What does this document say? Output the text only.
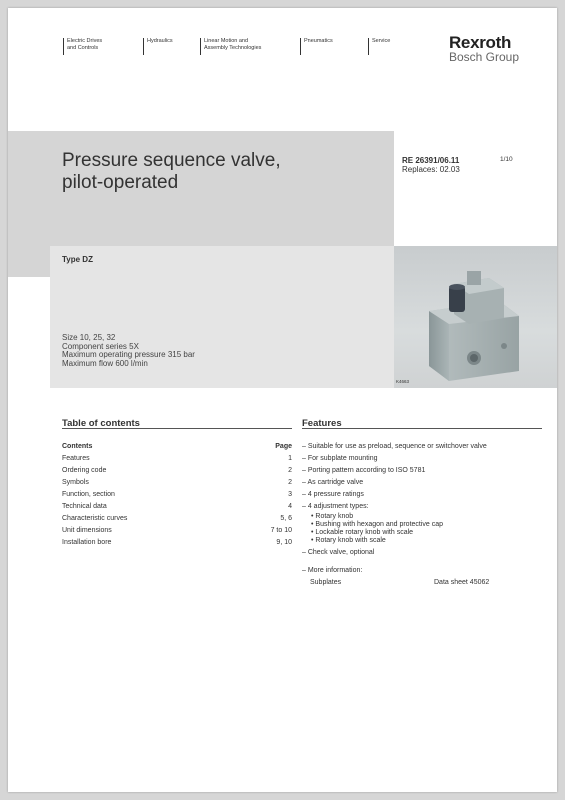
Electric Drives
and Controls
Hydraulics	Linear Motion and
Assembly Technologies
Pneumatics	Service	Rexroth
Bosch Group
Pressure sequence valve,
pilot-operated
RE 26391/06.11
Replaces: 02.03
1/10
Type DZ
Size 10, 25, 32
Component series 5X
Maximum operating pressure 315 bar
Maximum flow 600 l/min
K4663
Table of contents
Contents	Page
Features	1
Ordering code	2
Symbols	2
Function, section	3
Technical data	4
Characteristic curves	5, 6
Unit dimensions	7 to 10
Installation bore	9, 10
Features
– Suitable for use as preload, sequence or switchover valve
– For subplate mounting
– Porting pattern according to ISO 5781
– As cartridge valve
– 4 pressure ratings
– 4 adjustment types:
• Rotary knob
• Bushing with hexagon and protective cap
• Lockable rotary knob with scale
• Rotary knob with scale
– Check valve, optional
– More information:
Subplates	Data sheet 45062
